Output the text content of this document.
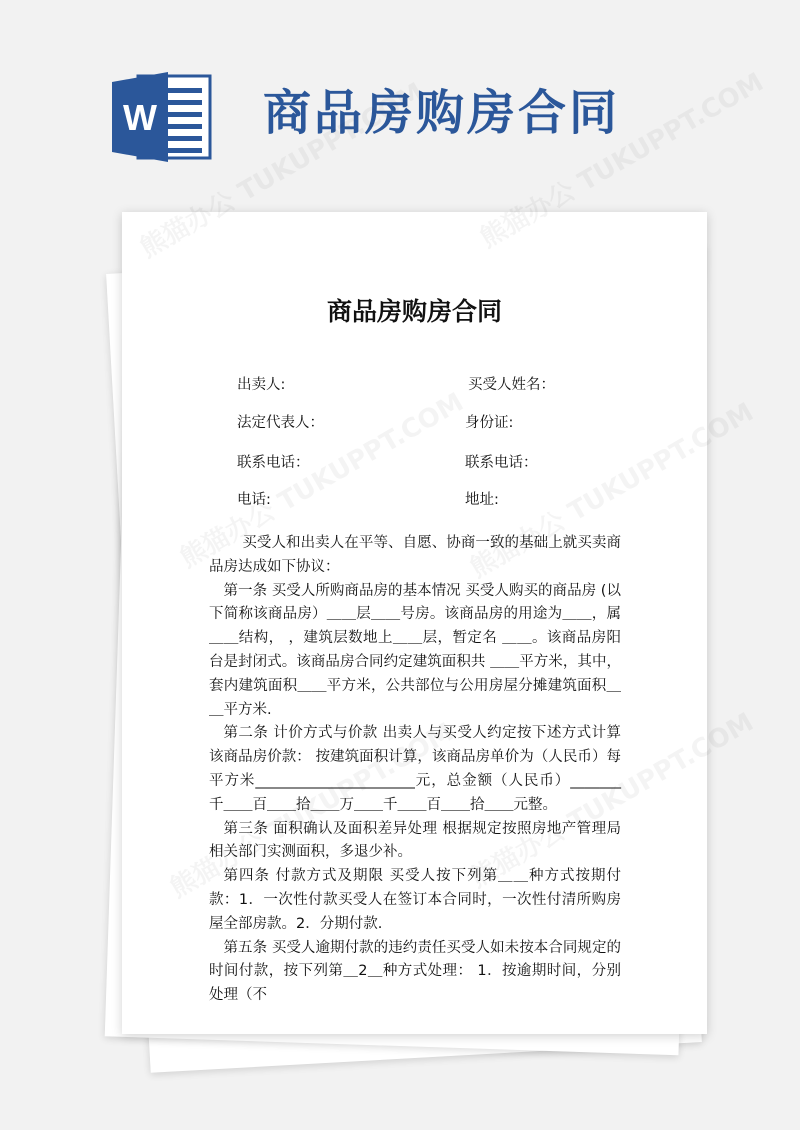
W 商品房购房合同
商品房购房合同
出卖人:	买受人姓名：
法定代表人：	身份证:
联系电话：	联系电话：
电话:	地址:

买受人和出卖人在平等、自愿、协商一致的基础上就买卖商品房达成如下协议：

第一条 买受人所购商品房的基本情况 买受人购买的商品房 (以下简称该商品房）＿＿层＿＿号房。该商品房的用途为＿＿，属＿＿结构， ，建筑层数地上＿＿层，暂定名 ＿＿。该商品房阳台是封闭式。该商品房合同约定建筑面积共 ＿＿平方米，其中，套内建筑面积＿＿平方米，公共部位与公用房屋分摊建筑面积＿＿平方米.

第二条 计价方式与价款 出卖人与买受人约定按下述方式计算该商品房价款： 按建筑面积计算，该商品房单价为（人民币）每平方米______________________元，总金额（人民币）_______千＿＿百＿＿拾＿＿万＿＿千＿＿百＿＿拾＿＿元整。

第三条 面积确认及面积差异处理 根据规定按照房地产管理局相关部门实测面积，多退少补。

第四条 付款方式及期限 买受人按下列第＿＿种方式按期付款：1．一次性付款买受人在签订本合同时，一次性付清所购房屋全部房款。2．分期付款.

第五条 买受人逾期付款的违约责任买受人如未按本合同规定的时间付款，按下列第＿2＿种方式处理： 1．按逾期时间，分别处理（不
